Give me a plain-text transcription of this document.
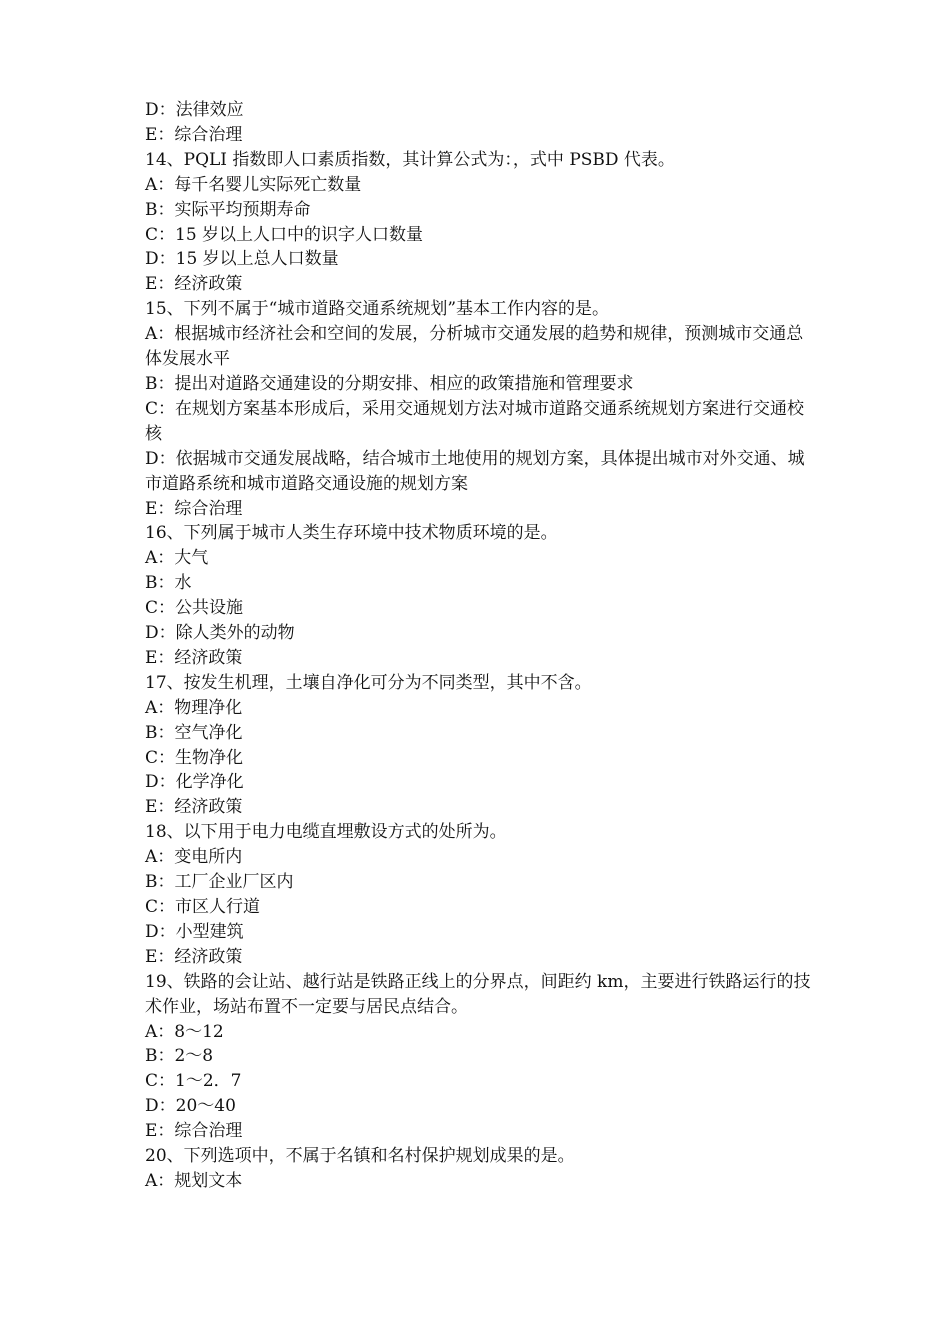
D：法律效应
E：综合治理
14、PQLI 指数即人口素质指数，其计算公式为：，式中 PSBD 代表。
A：每千名婴儿实际死亡数量
B：实际平均预期寿命
C：15 岁以上人口中的识字人口数量
D：15 岁以上总人口数量
E：经济政策
15、下列不属于“城市道路交通系统规划”基本工作内容的是。
A：根据城市经济社会和空间的发展，分析城市交通发展的趋势和规律，预测城市交通总体发展水平
B：提出对道路交通建设的分期安排、相应的政策措施和管理要求
C：在规划方案基本形成后，采用交通规划方法对城市道路交通系统规划方案进行交通校核
D：依据城市交通发展战略，结合城市土地使用的规划方案，具体提出城市对外交通、城市道路系统和城市道路交通设施的规划方案
E：综合治理
16、下列属于城市人类生存环境中技术物质环境的是。
A：大气
B：水
C：公共设施
D：除人类外的动物
E：经济政策
17、按发生机理，土壤自净化可分为不同类型，其中不含。
A：物理净化
B：空气净化
C：生物净化
D：化学净化
E：经济政策
18、以下用于电力电缆直埋敷设方式的处所为。
A：变电所内
B：工厂企业厂区内
C：市区人行道
D：小型建筑
E：经济政策
19、铁路的会让站、越行站是铁路正线上的分界点，间距约 km，主要进行铁路运行的技术作业，场站布置不一定要与居民点结合。
A：8～12
B：2～8
C：1～2．7
D：20～40
E：综合治理
20、下列选项中，不属于名镇和名村保护规划成果的是。
A：规划文本
